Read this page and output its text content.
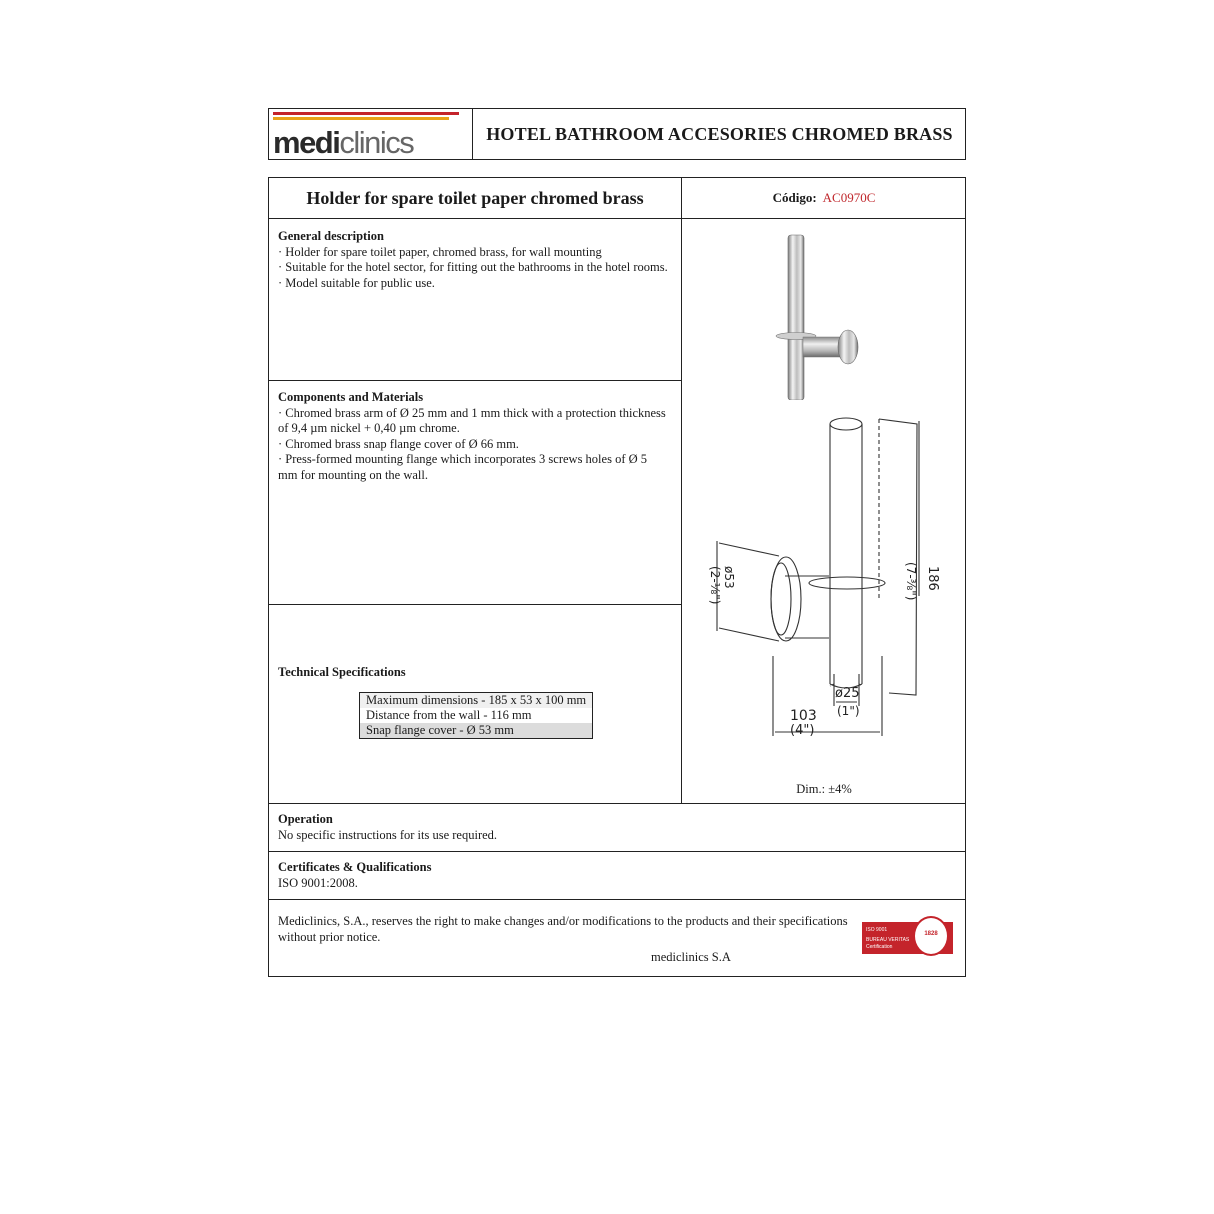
mediclinics	HOTEL BATHROOM ACCESORIES CHROMED BRASS
Holder for spare toilet paper chromed brass	Código: AC0970C
General description

· Holder for spare toilet paper, chromed brass, for wall mounting

· Suitable for the hotel sector, for fitting out the bathrooms in the hotel rooms.

· Model suitable for public use.

Components and Materials

· Chromed brass arm of Ø 25 mm and 1 mm thick with a protection thickness

of 9,4 µm nickel + 0,40 µm chrome.

· Chromed brass snap flange cover of Ø 66 mm.

· Press-formed mounting flange which incorporates 3 screws holes of Ø 5

mm for mounting on the wall.

Technical Specifications
Maximum dimensions - 185 x 53 x 100 mm
Distance from the wall - 116 mm
Snap flange cover - Ø 53 mm
186
(7-⅜")
ø53
(2-⅛")
103
(4")
ø25
(1")
Dim.: ±4%
Operation

No specific instructions for its use required.

Certificates & Qualifications

ISO 9001:2008.

Mediclinics, S.A., reserves the right to make changes and/or modifications to the products and their specifications
without prior notice.
mediclinics S.A
ISO 9001
BUREAU VERITAS
Certification
1828
